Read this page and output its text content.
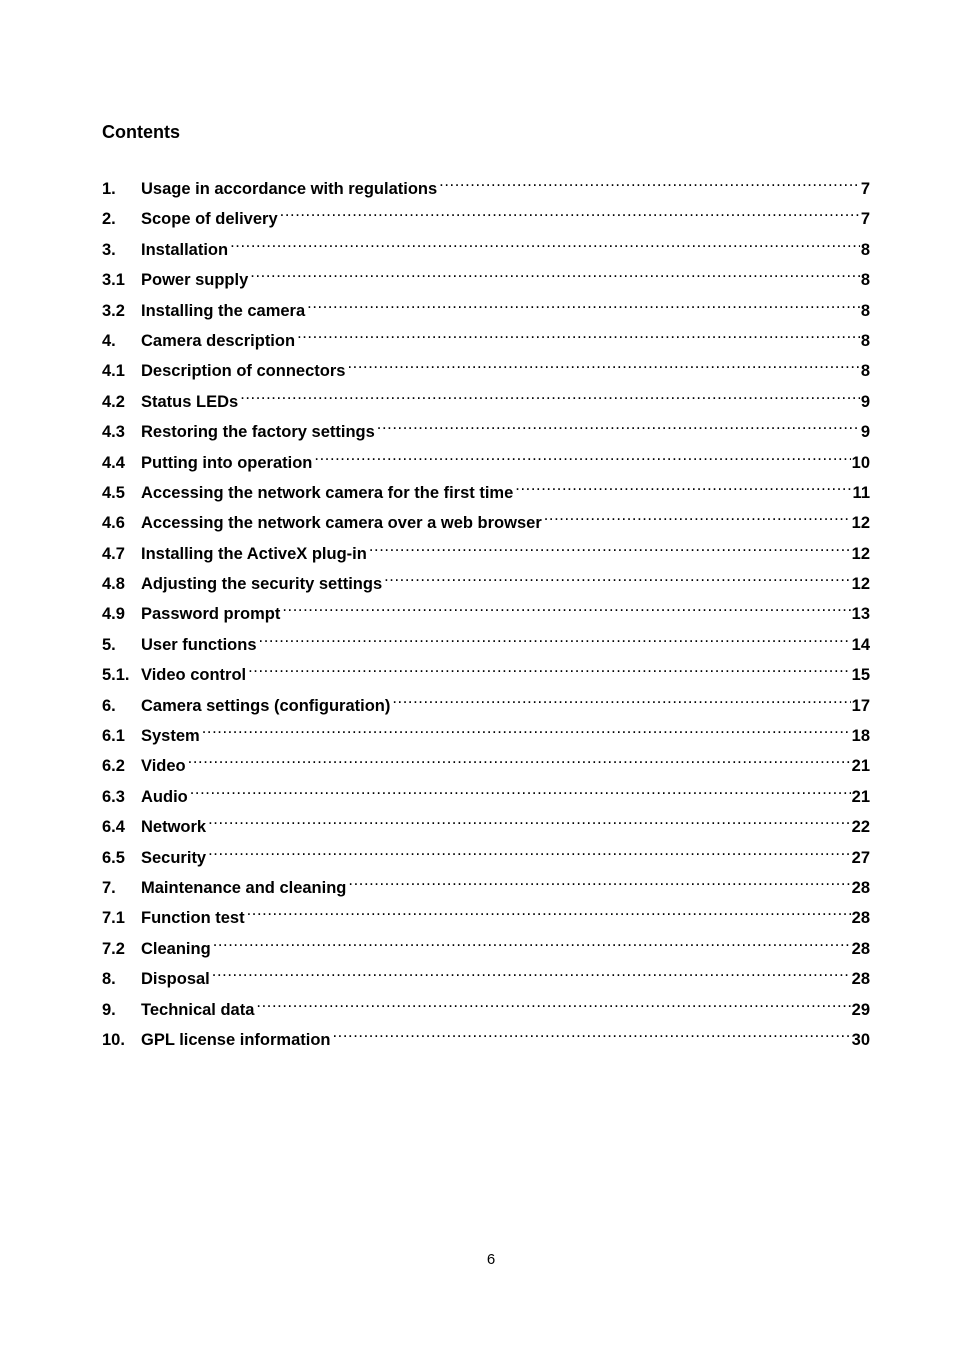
Contents
1.	Usage in accordance with regulations .....	7
2.	Scope of delivery .....	7
3.	Installation .....	8
3.1 Power supply .....	8
3.2 Installing the camera .....	8
4.	Camera description .....	8
4.1 Description of connectors .....	8
4.2 Status LEDs .....	9
4.3 Restoring the factory settings .....	9
4.4 Putting into operation .....	10
4.5 Accessing the network camera for the first time .....	11
4.6 Accessing the network camera over a web browser .....	12
4.7 Installing the ActiveX plug-in .....	12
4.8 Adjusting the security settings .....	12
4.9 Password prompt .....	13
5.	User functions .....	14
5.1. Video control .....	15
6.	Camera settings (configuration) .....	17
6.1 System .....	18
6.2 Video .....	21
6.3 Audio .....	21
6.4 Network .....	22
6.5 Security .....	27
7.	Maintenance and cleaning .....	28
7.1 Function test .....	28
7.2 Cleaning .....	28
8.	Disposal .....	28
9.	Technical data .....	29
10. GPL license information .....	30
6
